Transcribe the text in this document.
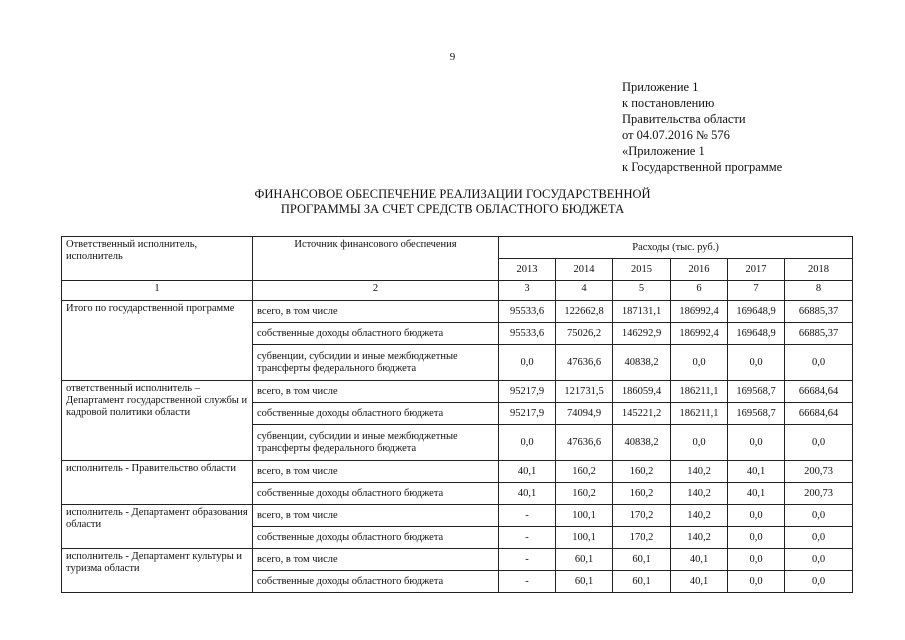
9
Приложение 1
к постановлению
Правительства области
от 04.07.2016 № 576
«Приложение 1
к Государственной программе
ФИНАНСОВОЕ ОБЕСПЕЧЕНИЕ РЕАЛИЗАЦИИ ГОСУДАРСТВЕННОЙ
ПРОГРАММЫ ЗА СЧЕТ СРЕДСТВ ОБЛАСТНОГО БЮДЖЕТА
Ответственный исполнитель, исполнитель	Источник финансового обеспечения	Расходы (тыс. руб.)					
		2013	2014	2015	2016	2017	2018
1	2	3	4	5	6	7	8
Итого по государственной программе	всего, в том числе	95533,6	122662,8	187131,1	186992,4	169648,9	66885,37
	собственные доходы областного бюджета	95533,6	75026,2	146292,9	186992,4	169648,9	66885,37
	субвенции, субсидии и иные межбюджетные трансферты федерального бюджета	0,0	47636,6	40838,2	0,0	0,0	0,0
ответственный исполнитель – Департамент государственной службы и кадровой политики области	всего, в том числе	95217,9	121731,5	186059,4	186211,1	169568,7	66684,64
	собственные доходы областного бюджета	95217,9	74094,9	145221,2	186211,1	169568,7	66684,64
	субвенции, субсидии и иные межбюджетные трансферты федерального бюджета	0,0	47636,6	40838,2	0,0	0,0	0,0
исполнитель - Правительство области	всего, в том числе	40,1	160,2	160,2	140,2	40,1	200,73
	собственные доходы областного бюджета	40,1	160,2	160,2	140,2	40,1	200,73
исполнитель - Департамент образования области	всего, в том числе	-	100,1	170,2	140,2	0,0	0,0
	собственные доходы областного бюджета	-	100,1	170,2	140,2	0,0	0,0
исполнитель - Департамент культуры и туризма области	всего, в том числе	-	60,1	60,1	40,1	0,0	0,0
	собственные доходы областного бюджета	-	60,1	60,1	40,1	0,0	0,0
